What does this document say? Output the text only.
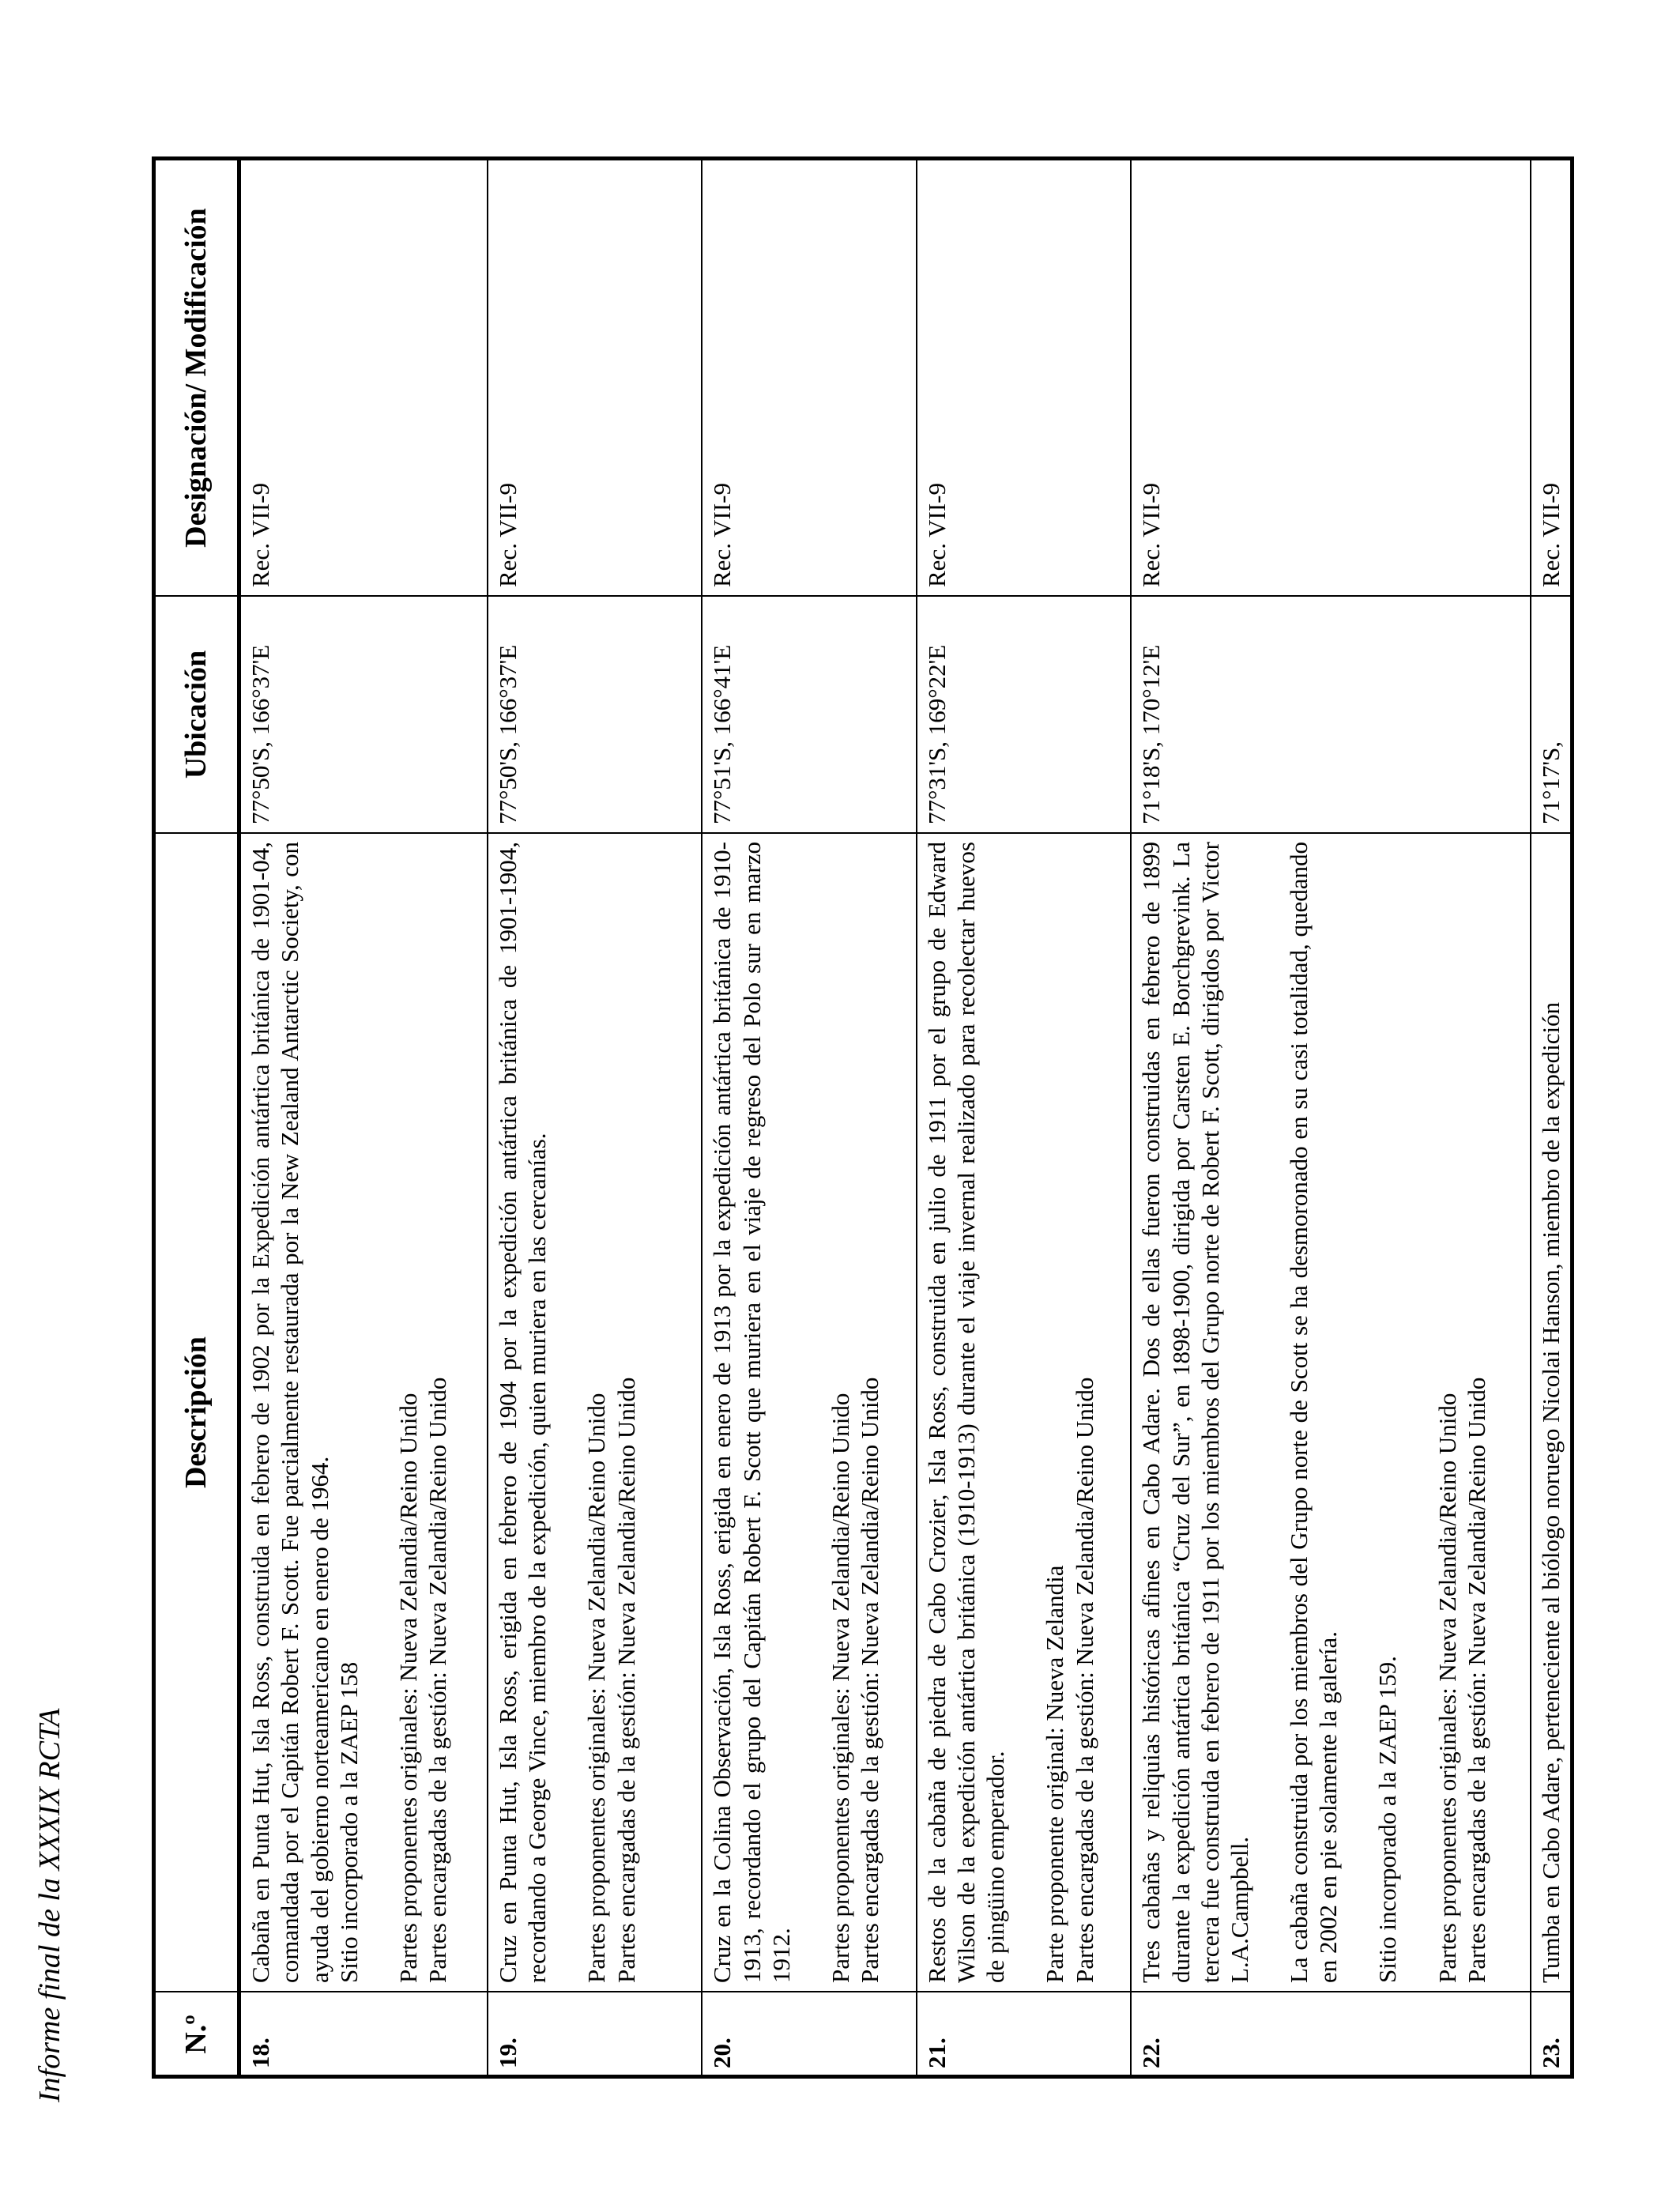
Informe final de la XXXIX RCTA	N.º
Descripción
Ubicación
Designación/ Modificación
18.

Cabaña en Punta Hut, Isla Ross, construida en febrero de 1902 por la Expedición antártica británica de 1901-04, comandada por el Capitán Robert F. Scott. Fue parcialmente restaurada por la New Zealand Antarctic Society, con ayuda del gobierno norteamericano en enero de 1964. Sitio incorporado a la ZAEP 158 Partes proponentes originales: Nueva Zelandia/Reino Unido Partes encargadas de la gestión: Nueva Zelandia/Reino Unido

77°50'S, 166°37'E
Rec. VII-9
19.

Cruz en Punta Hut, Isla Ross, erigida en febrero de 1904 por la expedición antártica británica de 1901-1904, recordando a George Vince, miembro de la expedición, quien muriera en las cercanías. Partes proponentes originales: Nueva Zelandia/Reino Unido Partes encargadas de la gestión: Nueva Zelandia/Reino Unido

77°50'S, 166°37'E
Rec. VII-9
20.

Cruz en la Colina Observación, Isla Ross, erigida en enero de 1913 por la expedición antártica británica de 1910-1913, recordando el grupo del Capitán Robert F. Scott que muriera en el viaje de regreso del Polo sur en marzo 1912. Partes proponentes originales: Nueva Zelandia/Reino Unido Partes encargadas de la gestión: Nueva Zelandia/Reino Unido

77°51'S, 166°41'E
Rec. VII-9
21.

Restos de la cabaña de piedra de Cabo Crozier, Isla Ross, construida en julio de 1911 por el grupo de Edward Wilson de la expedición antártica británica (1910-1913) durante el viaje invernal realizado para recolectar huevos de pingüino emperador. Parte proponente original: Nueva Zelandia Partes encargadas de la gestión: Nueva Zelandia/Reino Unido

77°31'S, 169°22'E
Rec. VII-9
22.

Tres cabañas y reliquias históricas afines en Cabo Adare. Dos de ellas fueron construidas en febrero de 1899 durante la expedición antártica británica “Cruz del Sur”, en 1898-1900, dirigida por Carsten E. Borchgrevink. La tercera fue construida en febrero de 1911 por los miembros del Grupo norte de Robert F. Scott, dirigidos por Victor L.A.Campbell. La cabaña construida por los miembros del Grupo norte de Scott se ha desmoronado en su casi totalidad, quedando en 2002 en pie solamente la galería. Sitio incorporado a la ZAEP 159. Partes proponentes originales: Nueva Zelandia/Reino Unido Partes encargadas de la gestión: Nueva Zelandia/Reino Unido

71°18'S, 170°12'E
Rec. VII-9
23.

Tumba en Cabo Adare, perteneciente al biólogo noruego Nicolai Hanson, miembro de la expedición

71°17'S,
Rec. VII-9
